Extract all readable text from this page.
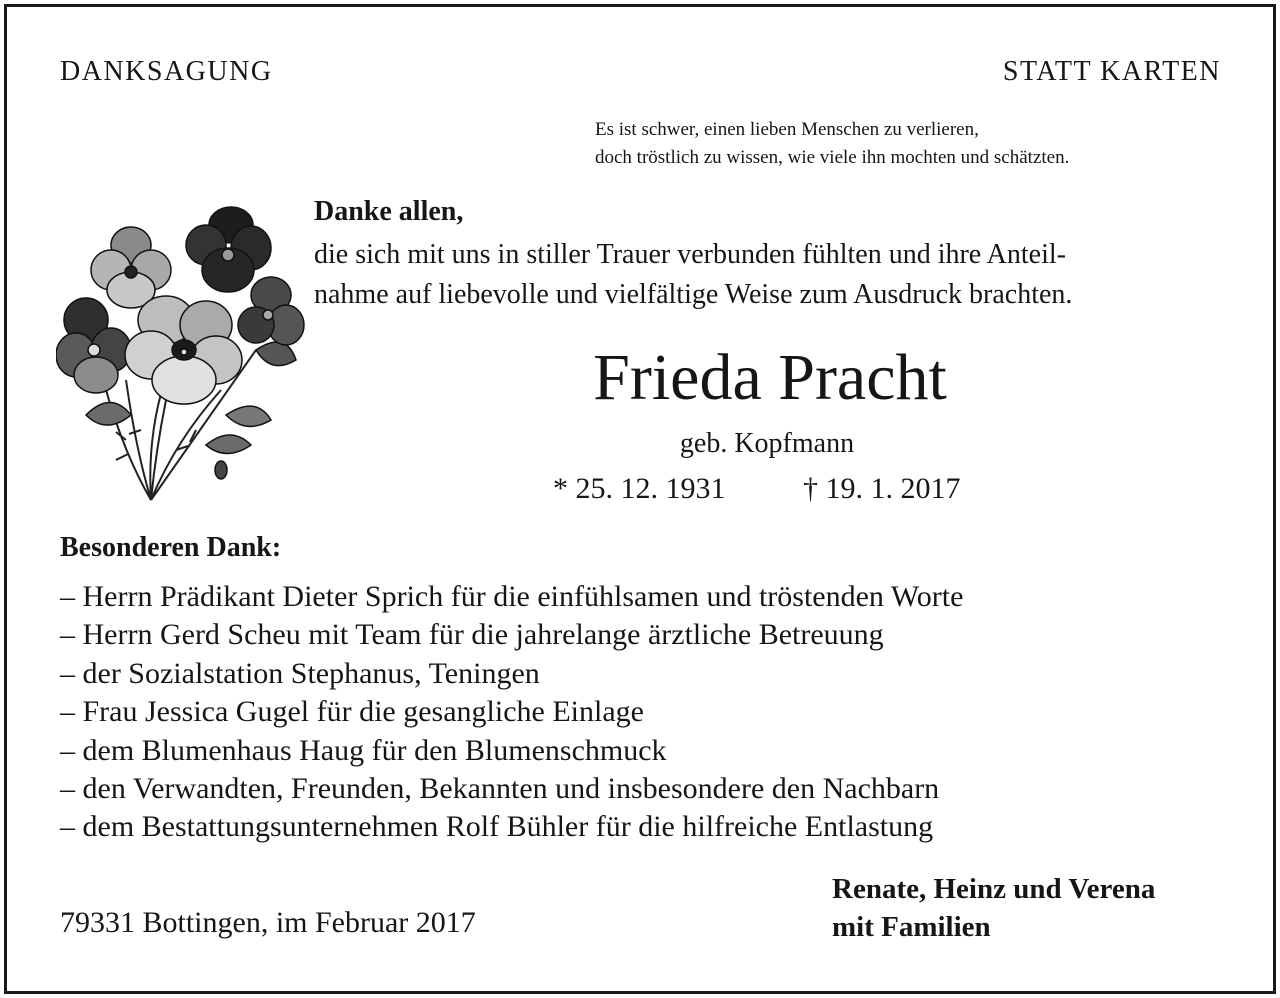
DANKSAGUNG	STATT KARTEN
Es ist schwer, einen lieben Menschen zu verlieren,
doch tröstlich zu wissen, wie viele ihn mochten und schätzten.
Danke allen,
die sich mit uns in stiller Trauer verbunden fühlten und ihre Anteil-
nahme auf liebevolle und vielfältige Weise zum Ausdruck brachten.
Frieda Pracht
geb. Kopfmann
* 25. 12. 1931	† 19. 1. 2017
Besonderen Dank:
– Herrn Prädikant Dieter Sprich für die einfühlsamen und tröstenden Worte
– Herrn Gerd Scheu mit Team für die jahrelange ärztliche Betreuung
– der Sozialstation Stephanus, Teningen
– Frau Jessica Gugel für die gesangliche Einlage
– dem Blumenhaus Haug für den Blumenschmuck
– den Verwandten, Freunden, Bekannten und insbesondere den Nachbarn
– dem Bestattungsunternehmen Rolf Bühler für die hilfreiche Entlastung
79331 Bottingen, im Februar 2017
Renate, Heinz und Verena
mit Familien
